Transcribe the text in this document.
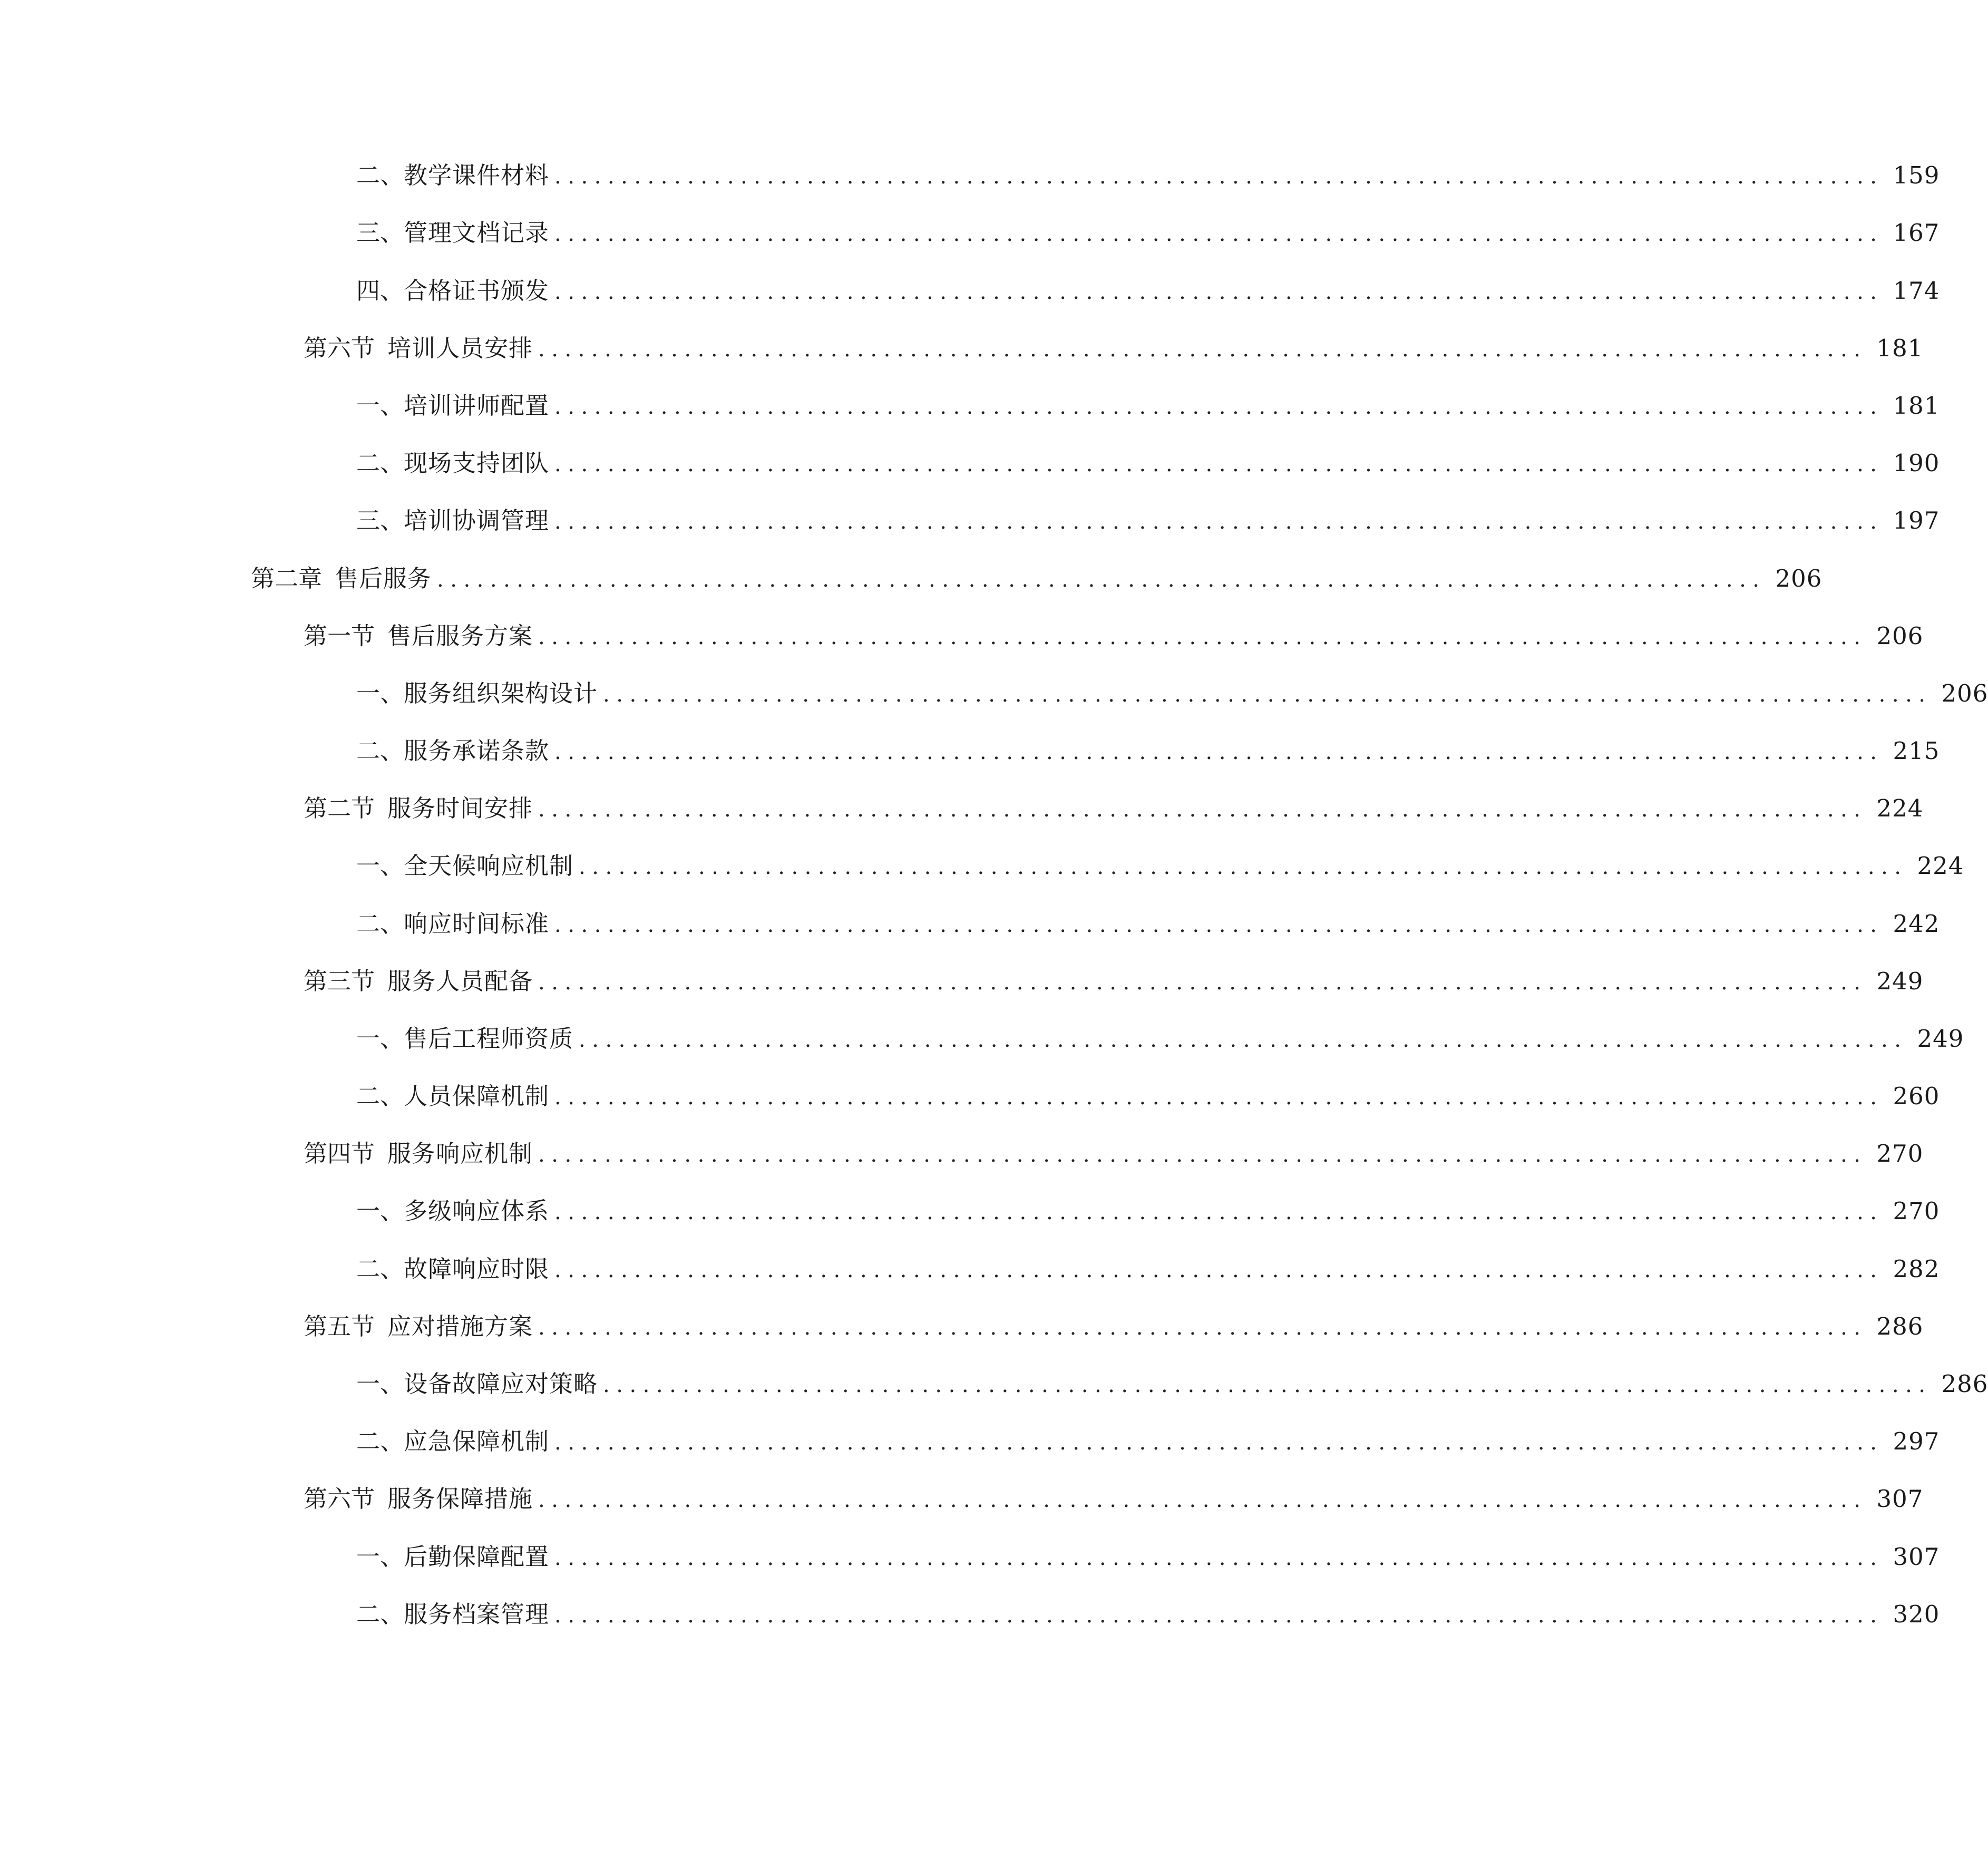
二、 教学课件材料 .................................................................................................... 159
三、 管理文档记录 .................................................................................................... 167
四、 合格证书颁发 .................................................................................................... 174
第六节 培训人员安排 .................................................................................................... 181
一、 培训讲师配置 .................................................................................................... 181
二、 现场支持团队 .................................................................................................... 190
三、 培训协调管理 .................................................................................................... 197
第二章 售后服务 .................................................................................................... 206
第一节 售后服务方案 .................................................................................................... 206
一、 服务组织架构设计 .................................................................................................... 206
二、 服务承诺条款 .................................................................................................... 215
第二节 服务时间安排 .................................................................................................... 224
一、 全天候响应机制 .................................................................................................... 224
二、 响应时间标准 .................................................................................................... 242
第三节 服务人员配备 .................................................................................................... 249
一、 售后工程师资质 .................................................................................................... 249
二、 人员保障机制 .................................................................................................... 260
第四节 服务响应机制 .................................................................................................... 270
一、 多级响应体系 .................................................................................................... 270
二、 故障响应时限 .................................................................................................... 282
第五节 应对措施方案 .................................................................................................... 286
一、 设备故障应对策略 .................................................................................................... 286
二、 应急保障机制 .................................................................................................... 297
第六节 服务保障措施 .................................................................................................... 307
一、 后勤保障配置 .................................................................................................... 307
二、 服务档案管理 .................................................................................................... 320
